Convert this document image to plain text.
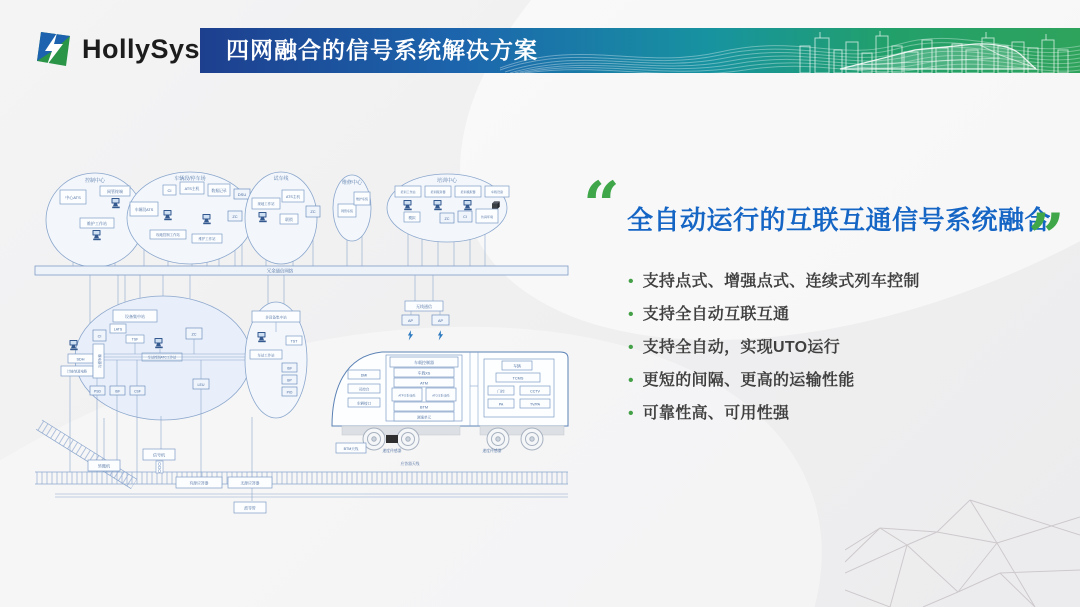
HollySys 四网融合的信号系统解决方案
控制中心
中心ATS
网管终端
维护工作站
车辆段/停车场
车辆段ATS
CI	ATS主机	数据记录
DSU
ZC
现地控制工作站
维护工作站
试车线
现地工作站
ATS主机
联锁
ZC
维修中心
网管系统
维护系统
培训中心
培训工作站	培训服务器	培训模拟器	车载设备
模拟	ZC	CI	仿真环境
冗余通信网络
设备集中站
SDH
计轴/轨道电路
CI
LATS
TSF
继电器架	车站控制ATC工作站
ZC
PSD	ISF	CSF
LEU
非设备集中站
车站工作站
TST
ISF
BP
PIO
无线通信
AP	AP
车载控制器
车载XS
ATM
ATP主系/备系	ATO主系/备系
BTM
测速单元
DMI
司控台
车辆接口
车辆
TCMS
门控	CCTV
PA	TV/PA
BTM天线	速度传感器	速度传感器
应答器天线
转辙机
信号机
有源应答器	无源应答器
波导管
“ 全自动运行的互联互通信号系统融合
”
• 支持点式、增强点式、连续式列车控制
• 支持全自动互联互通
• 支持全自动，实现UTO运行
• 更短的间隔、更高的运输性能
• 可靠性高、可用性强
